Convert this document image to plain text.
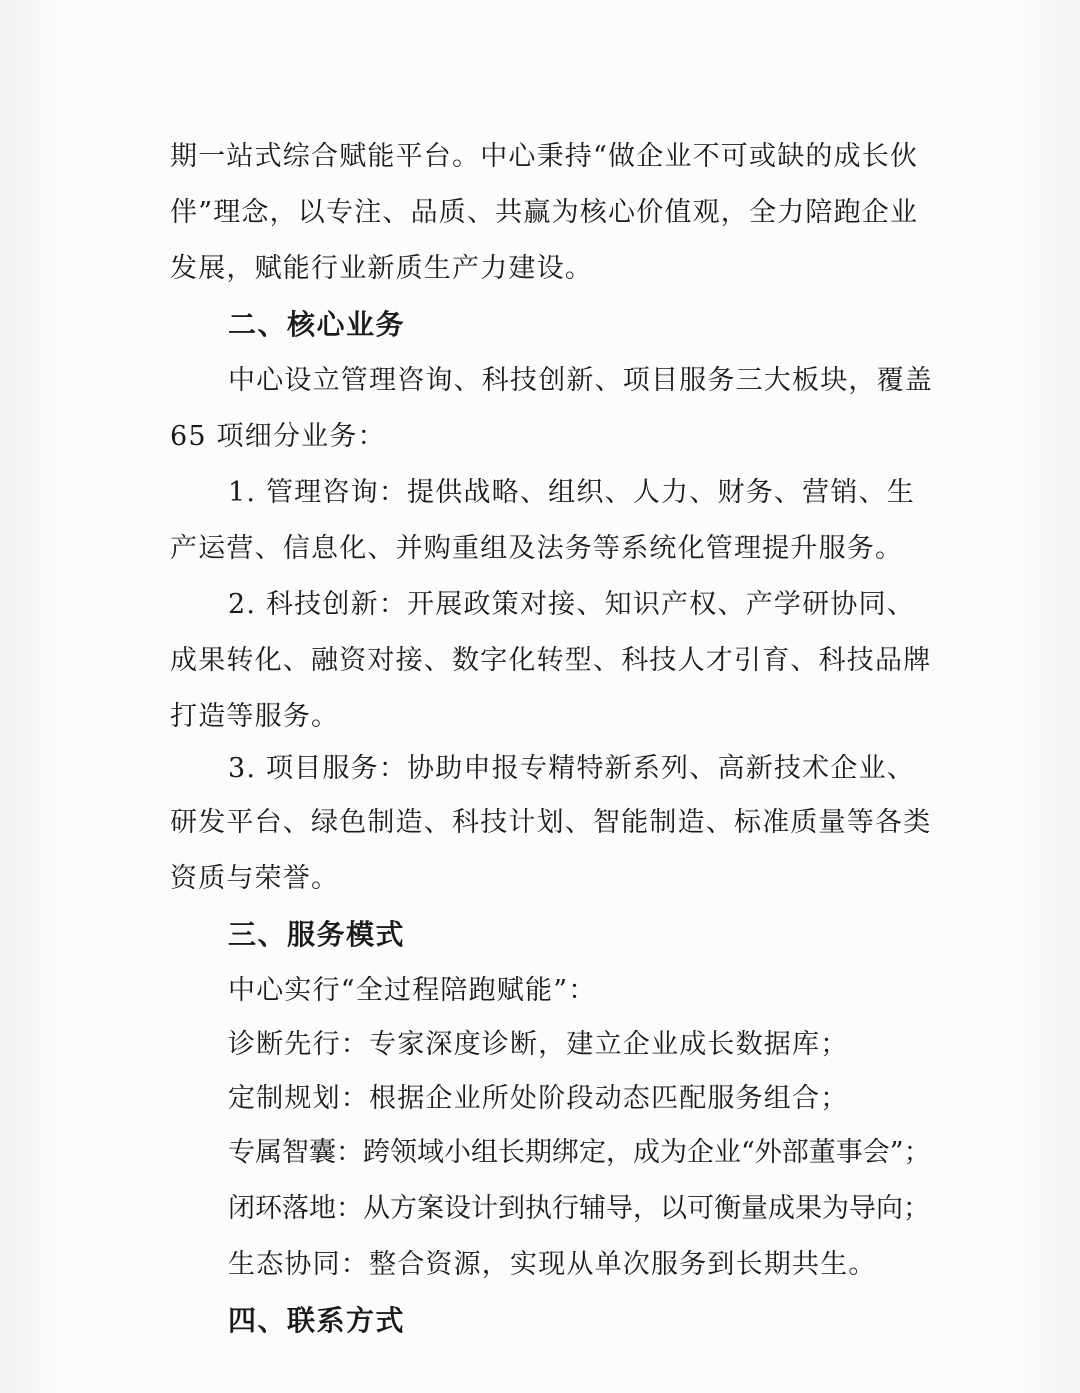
期一站式综合赋能平台。中心秉持“做企业不可或缺的成长伙
伴”理念，以专注、品质、共赢为核心价值观，全力陪跑企业
发展，赋能行业新质生产力建设。
二、核心业务
中心设立管理咨询、科技创新、项目服务三大板块，覆盖
65 项细分业务：
1. 管理咨询：提供战略、组织、人力、财务、营销、生
产运营、信息化、并购重组及法务等系统化管理提升服务。
2. 科技创新：开展政策对接、知识产权、产学研协同、
成果转化、融资对接、数字化转型、科技人才引育、科技品牌
打造等服务。
3. 项目服务：协助申报专精特新系列、高新技术企业、
研发平台、绿色制造、科技计划、智能制造、标准质量等各类
资质与荣誉。
三、服务模式
中心实行“全过程陪跑赋能”：
诊断先行：专家深度诊断，建立企业成长数据库；
定制规划：根据企业所处阶段动态匹配服务组合；
专属智囊：跨领域小组长期绑定，成为企业“外部董事会”；
闭环落地：从方案设计到执行辅导，以可衡量成果为导向；
生态协同：整合资源，实现从单次服务到长期共生。
四、联系方式
